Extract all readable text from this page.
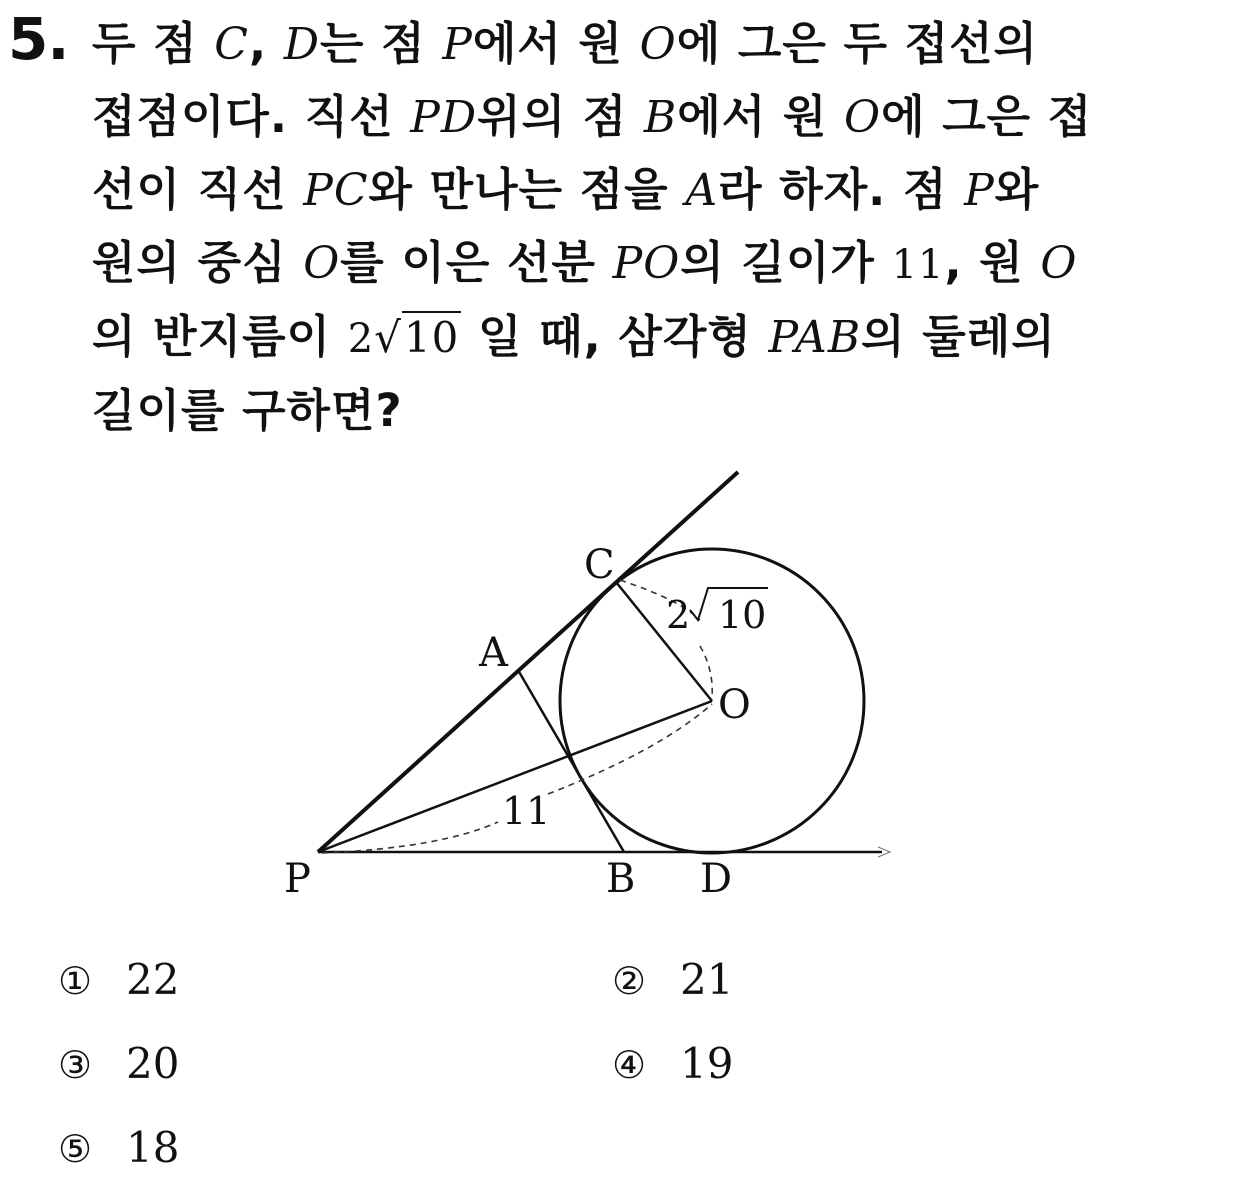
5. 두 점 C, D는 점 P에서 원 O에 그은 두 접선의
접점이다. 직선 PD위의 점 B에서 원 O에 그은 접
선이 직선 PC와 만나는 점을 A라 하자. 점 P와
원의 중심 O를 이은 선분 PO의 길이가 11, 원 O
의 반지름이 2√10 일 때, 삼각형 PAB의 둘레의
길이를 구하면?
P
A
B
C
D
O
2 10
11
① 22	② 21
③ 20	④ 19
⑤ 18
